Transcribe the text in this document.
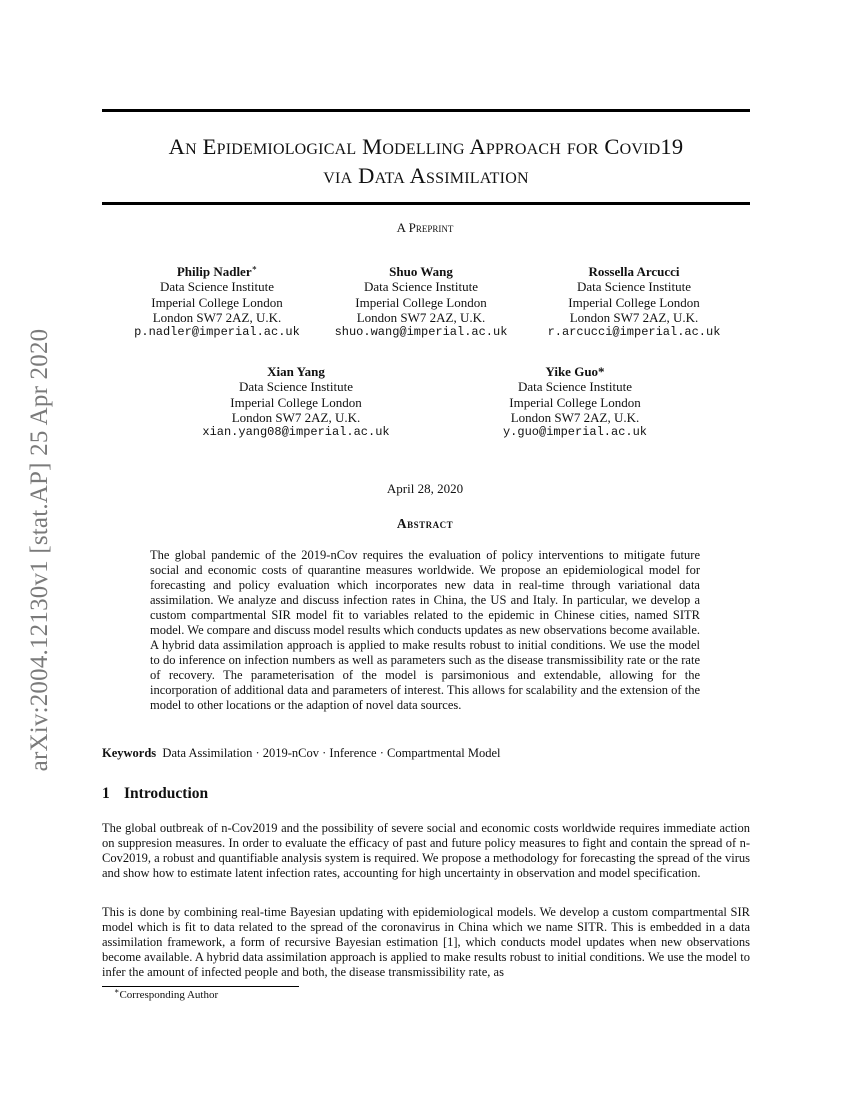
arXiv:2004.12130v1 [stat.AP] 25 Apr 2020
An Epidemiological Modelling Approach for Covid19
via Data Assimilation
A Preprint
Philip Nadler∗
Data Science Institute
Imperial College London
London SW7 2AZ, U.K.
p.nadler@imperial.ac.uk
Shuo Wang
Data Science Institute
Imperial College London
London SW7 2AZ, U.K.
shuo.wang@imperial.ac.uk
Rossella Arcucci
Data Science Institute
Imperial College London
London SW7 2AZ, U.K.
r.arcucci@imperial.ac.uk
Xian Yang
Data Science Institute
Imperial College London
London SW7 2AZ, U.K.
xian.yang08@imperial.ac.uk
Yike Guo*
Data Science Institute
Imperial College London
London SW7 2AZ, U.K.
y.guo@imperial.ac.uk
April 28, 2020
Abstract
The global pandemic of the 2019-nCov requires the evaluation of policy interventions to mitigate future social and economic costs of quarantine measures worldwide. We propose an epidemiological model for forecasting and policy evaluation which incorporates new data in real-time through variational data assimilation. We analyze and discuss infection rates in China, the US and Italy. In particular, we develop a custom compartmental SIR model fit to variables related to the epidemic in Chinese cities, named SITR model. We compare and discuss model results which conducts updates as new observations become available. A hybrid data assimilation approach is applied to make results robust to initial conditions. We use the model to do inference on infection numbers as well as parameters such as the disease transmissibility rate or the rate of recovery. The parameterisation of the model is parsimonious and extendable, allowing for the incorporation of additional data and parameters of interest. This allows for scalability and the extension of the model to other locations or the adaption of novel data sources.
Keywords Data Assimilation · 2019-nCov · Inference · Compartmental Model
1 Introduction
The global outbreak of n-Cov2019 and the possibility of severe social and economic costs worldwide requires immediate action on suppresion measures. In order to evaluate the efficacy of past and future policy measures to fight and contain the spread of n-Cov2019, a robust and quantifiable analysis system is required. We propose a methodology for forecasting the spread of the virus and show how to estimate latent infection rates, accounting for high uncertainty in observation and model specification.
This is done by combining real-time Bayesian updating with epidemiological models. We develop a custom compartmental SIR model which is fit to data related to the spread of the coronavirus in China which we name SITR. This is embedded in a data assimilation framework, a form of recursive Bayesian estimation [1], which conducts model updates when new observations become available. A hybrid data assimilation approach is applied to make results robust to initial conditions. We use the model to infer the amount of infected people and both, the disease transmissibility rate, as
∗Corresponding Author
